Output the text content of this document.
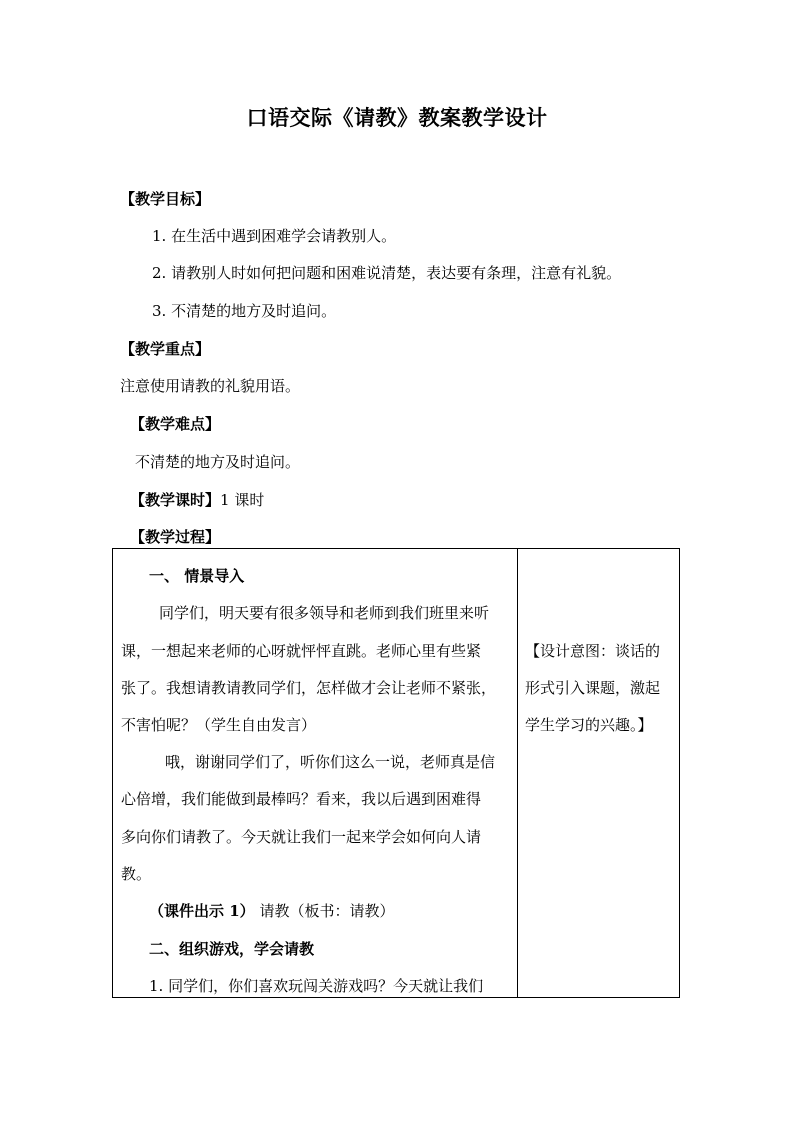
口语交际《请教》教案教学设计
【教学目标】
1. 在生活中遇到困难学会请教别人。
2. 请教别人时如何把问题和困难说清楚，表达要有条理，注意有礼貌。
3. 不清楚的地方及时追问。
【教学重点】
注意使用请教的礼貌用语。
【教学难点】
不清楚的地方及时追问。
【教学课时】1 课时
【教学过程】
一、 情景导入
同学们，明天要有很多领导和老师到我们班里来听
课，一想起来老师的心呀就怦怦直跳。老师心里有些紧
张了。我想请教请教同学们，怎样做才会让老师不紧张，
不害怕呢？（学生自由发言）
哦，谢谢同学们了，听你们这么一说，老师真是信
心倍增，我们能做到最棒吗？看来，我以后遇到困难得
多向你们请教了。今天就让我们一起来学会如何向人请
教。
（课件出示 1） 请教（板书：请教）
二、组织游戏，学会请教
1. 同学们，你们喜欢玩闯关游戏吗？今天就让我们
【设计意图：谈话的
形式引入课题，激起
学生学习的兴趣。】
